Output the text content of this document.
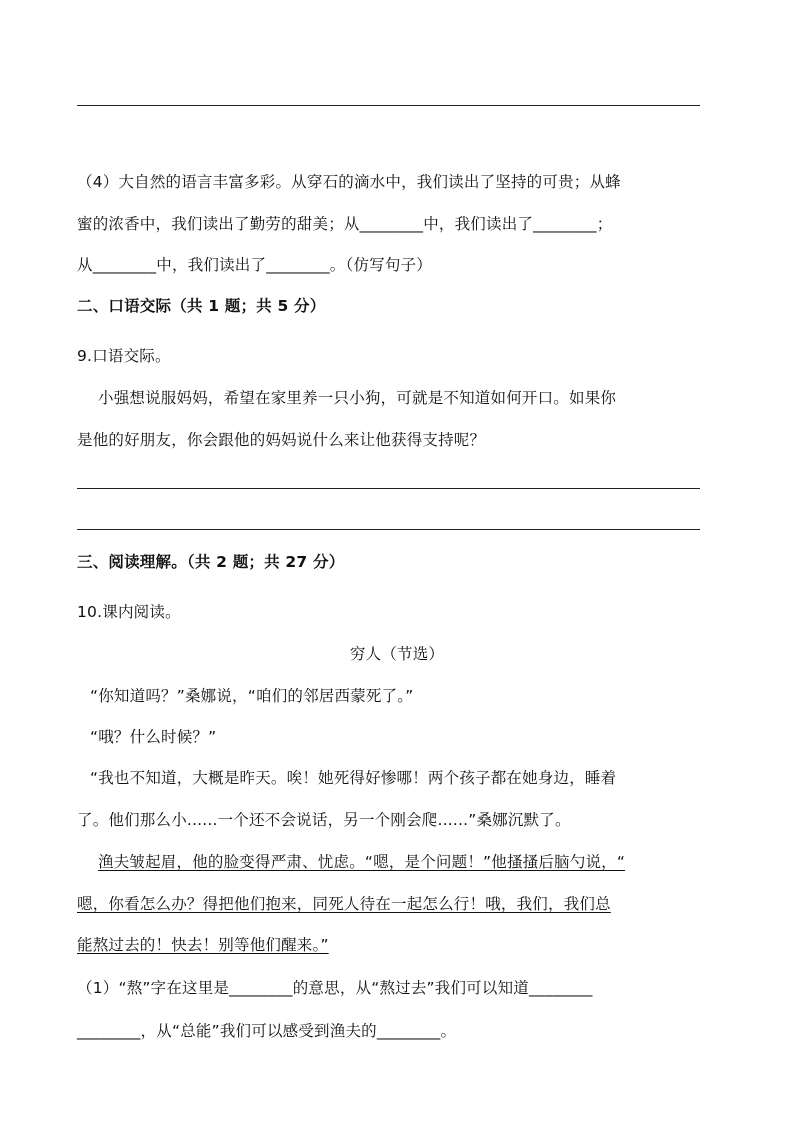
（4）大自然的语言丰富多彩。从穿石的滴水中，我们读出了坚持的可贵；从蜂
蜜的浓香中，我们读出了勤劳的甜美；从________中，我们读出了________；
从________中，我们读出了________。（仿写句子）
二、口语交际（共 1 题；共 5 分）
9.口语交际。
小强想说服妈妈，希望在家里养一只小狗，可就是不知道如何开口。如果你
是他的好朋友，你会跟他的妈妈说什么来让他获得支持呢？
三、阅读理解。（共 2 题；共 27 分）
10.课内阅读。
穷人（节选）
“你知道吗？”桑娜说，“咱们的邻居西蒙死了。”
“哦？什么时候？”
“我也不知道，大概是昨天。唉！她死得好惨哪！两个孩子都在她身边，睡着
了。他们那么小......一个还不会说话，另一个刚会爬......”桑娜沉默了。
渔夫皱起眉，他的脸变得严肃、忧虑。“嗯，是个问题！”他搔搔后脑勺说，“
嗯，你看怎么办？得把他们抱来，同死人待在一起怎么行！哦，我们，我们总
能熬过去的！快去！别等他们醒来。”
（1）“熬”字在这里是________的意思，从“熬过去”我们可以知道________
________，从“总能”我们可以感受到渔夫的________。
